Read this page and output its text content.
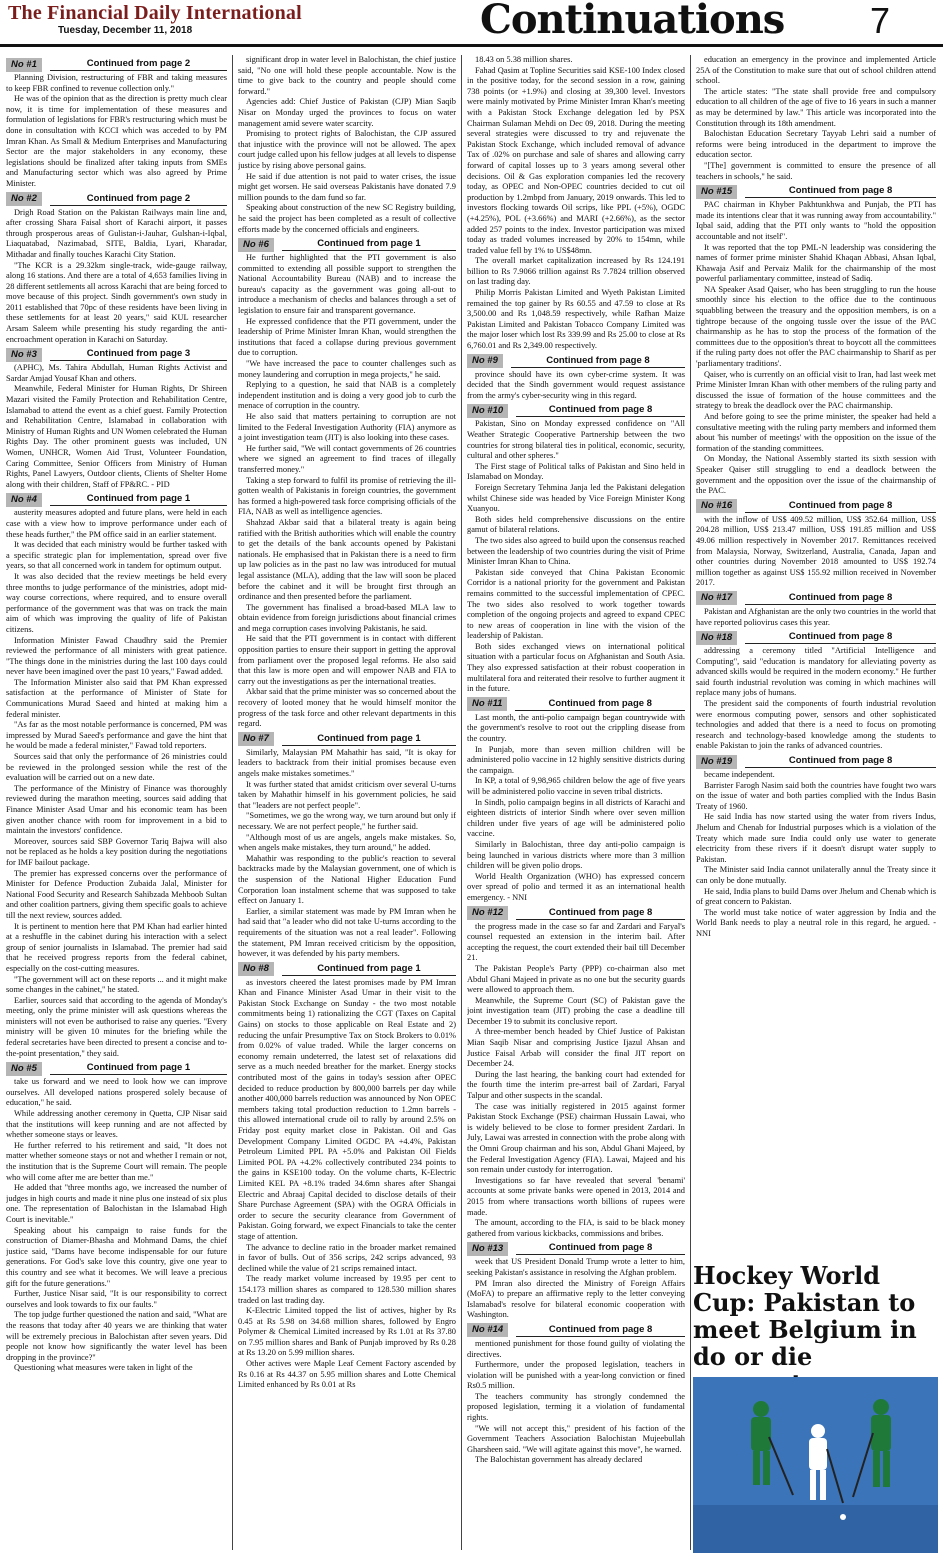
The Financial Daily International
Tuesday, December 11, 2018	Continuations 7
No #1	Continued from page 2

Planning Division, restructuring of FBR and taking measures to keep FBR confined to revenue collection only."

He was of the opinion that as the direction is pretty much clear now, it is time for implementation of these measures and formulation of legislations for FBR's restructuring which must be done in consultation with KCCI which was acceded to by PM Imran Khan. As Small & Medium Enterprises and Manufacturing Sector are the major stakeholders in any economy, these legislations should be finalized after taking inputs from SMEs and Manufacturing sector which was also agreed by Prime Minister.

No #2	Continued from page 2

Drigh Road Station on the Pakistan Railways main line and, after crossing Shara Faisal short of Karachi airport, it passes through prosperous areas of Gulistan-i-Jauhar, Gulshan-i-Iqbal, Liaquatabad, Nazimabad, SITE, Baldia, Lyari, Kharadar, Mithadar and finally touches Karachi City Station.

"The KCR is a 29.32km single-track, wide-gauge railway, along 16 stations. And there are a total of 4,653 families living in 28 different settlements all across Karachi that are being forced to move because of this project. Sindh government's own study in 2011 established that 70pc of these residents have been living in these settlements for at least 20 years," said KUL researcher Arsam Saleem while presenting his study regarding the anti-encroachment operation in Karachi on Saturday.

No #3	Continued from page 3

(APHC), Ms. Tahira Abdullah, Human Rights Activist and Sardar Amjad Yousaf Khan and others.

Meanwhile, Federal Minister for Human Rights, Dr Shireen Mazari visited the Family Protection and Rehabilitation Centre, Islamabad to attend the event as a chief guest. Family Protection and Rehabilitation Centre, Islamabad in collaboration with Ministry of Human Rights and UN Women celebrated the Human Rights Day. The other prominent guests was included, UN Women, UNHCR, Women Aid Trust, Volunteer Foundation, Caring Committee, Senior Officers from Ministry of Human Rights, Panel Lawyers, Outdoor clients, Clients of Shelter Home along with their children, Staff of FP&RC. - PID

No #4	Continued from page 1

austerity measures adopted and future plans, were held in each case with a view how to improve performance under each of these heads further," the PM office said in an earlier statement.

It was decided that each ministry would be further tasked with a specific strategic plan for implementation, spread over five years, so that all concerned work in tandem for optimum output.

It was also decided that the review meetings be held every three months to judge performance of the ministries, adopt mid-way course corrections, where required, and to ensure overall performance of the government was that was on track the main aim of which was improving the quality of life of Pakistan citizens.

Information Minister Fawad Chaudhry said the Premier reviewed the performance of all ministers with great patience. "The things done in the ministries during the last 100 days could never have been imagined over the past 10 years," Fawad added.

The Information Minister also said that PM Khan expressed satisfaction at the performance of Minister of State for Communications Murad Saeed and hinted at making him a federal minister.

"As far as the most notable performance is concerned, PM was impressed by Murad Saeed's performance and gave the hint that he would be made a federal minister," Fawad told reporters.

Sources said that only the performance of 26 ministries could be reviewed in the prolonged session while the rest of the evaluation will be carried out on a new date.

The performance of the Ministry of Finance was thoroughly reviewed during the marathon meeting, sources said adding that Finance Minister Asad Umar and his economic team has been given another chance with room for improvement in a bid to maintain the investors' confidence.

Moreover, sources said SBP Governor Tariq Bajwa will also not be replaced as he holds a key position during the negotiations for IMF bailout package.

The premier has expressed concerns over the performance of Minister for Defence Production Zubaida Jalal, Minister for National Food Security and Research Sahibzada Mehboob Sultan and other coalition partners, giving them specific goals to achieve till the next review, sources added.

It is pertinent to mention here that PM Khan had earlier hinted at a reshuffle in the cabinet during his interaction with a select group of senior journalists in Islamabad. The premier had said that he received progress reports from the federal cabinet, especially on the cost-cutting measures.

"The government will act on these reports ... and it might make some changes in the cabinet," he stated.

Earlier, sources said that according to the agenda of Monday's meeting, only the prime minister will ask questions whereas the ministers will not even be authorised to raise any queries. "Every ministry will be given 10 minutes for the briefing while the federal secretaries have been directed to present a concise and to-the-point presentation," they said.

No #5	Continued from page 1

take us forward and we need to look how we can improve ourselves. All developed nations prospered solely because of education," he said.

While addressing another ceremony in Quetta, CJP Nisar said that the institutions will keep running and are not affected by whether someone stays or leaves.

He further referred to his retirement and said, "It does not matter whether someone stays or not and whether I remain or not, the institution that is the Supreme Court will remain. The people who will come after me are better than me."

He added that "three months ago, we increased the number of judges in high courts and made it nine plus one instead of six plus one. The representation of Balochistan in the Islamabad High Court is inevitable."

Speaking about his campaign to raise funds for the construction of Diamer-Bhasha and Mohmand Dams, the chief justice said, "Dams have become indispensable for our future generations. For God's sake love this country, give one year to this country and see what it becomes. We will leave a precious gift for the future generations."

Further, Justice Nisar said, "It is our responsibility to correct ourselves and look towards to fix our faults."

The top judge further questioned the nation and said, "What are the reasons that today after 40 years we are thinking that water will be extremely precious in Balochistan after seven years. Did people not know how significantly the water level has been dropping in the province?"

Questioning what measures were taken in light of the

significant drop in water level in Balochistan, the chief justice said, "No one will hold these people accountable. Now is the time to give back to the country and people should come forward."

Agencies add: Chief Justice of Pakistan (CJP) Mian Saqib Nisar on Monday urged the provinces to focus on water management amid severe water scarcity.

Promising to protect rights of Balochistan, the CJP assured that injustice with the province will not be allowed. The apex court judge called upon his fellow judges at all levels to dispense justice by rising above personal gains.

He said if due attention is not paid to water crises, the issue might get worsen. He said overseas Pakistanis have donated 7.9 million pounds to the dam fund so far.

Speaking about construction of the new SC Registry building, he said the project has been completed as a result of collective efforts made by the concerned officials and engineers.

No #6	Continued from page 1

He further highlighted that the PTI government is also committed to extending all possible support to strengthen the National Accountability Bureau (NAB) and to increase the bureau's capacity as the government was going all-out to introduce a mechanism of checks and balances through a set of legislation to ensure fair and transparent governance.

He expressed confidence that the PTI government, under the leadership of Prime Minister Imran Khan, would strengthen the institutions that faced a collapse during previous government due to corruption.

"We have increased the pace to counter challenges such as money laundering and corruption in mega projects," he said.

Replying to a question, he said that NAB is a completely independent institution and is doing a very good job to curb the menace of corruption in the country.

He also said that matters pertaining to corruption are not limited to the Federal Investigation Authority (FIA) anymore as a joint investigation team (JIT) is also looking into these cases.

He further said, "We will contact governments of 26 countries where we signed an agreement to find traces of illegally transferred money."

Taking a step forward to fulfil its promise of retrieving the ill-gotten wealth of Pakistanis in foreign countries, the government has formed a high-powered task force comprising officials of the FIA, NAB as well as intelligence agencies.

Shahzad Akbar said that a bilateral treaty is again being ratified with the British authorities which will enable the country to get the details of the bank accounts opened by Pakistani nationals. He emphasised that in Pakistan there is a need to firm up law policies as in the past no law was introduced for mutual legal assistance (MLA), adding that the law will soon be placed before the cabinet and it will be brought first through an ordinance and then presented before the parliament.

The government has finalised a broad-based MLA law to obtain evidence from foreign jurisdictions about financial crimes and mega corruption cases involving Pakistanis, he said.

He said that the PTI government is in contact with different opposition parties to ensure their support in getting the approval from parliament over the proposed legal reforms. He also said that this law is more open and will empower NAB and FIA to carry out the investigations as per the international treaties.

Akbar said that the prime minister was so concerned about the recovery of looted money that he would himself monitor the progress of the task force and other relevant departments in this regard.

No #7	Continued from page 1

Similarly, Malaysian PM Mahathir has said, "It is okay for leaders to backtrack from their initial promises because even angels make mistakes sometimes."

It was further stated that amidst criticism over several U-turns taken by Mahathir himself in his government policies, he said that "leaders are not perfect people".

"Sometimes, we go the wrong way, we turn around but only if necessary. We are not perfect people," he further said.

"Although most of us are angels, angels make mistakes. So, when angels make mistakes, they turn around," he added.

Mahathir was responding to the public's reaction to several backtracks made by the Malaysian government, one of which is the suspension of the National Higher Education Fund Corporation loan instalment scheme that was supposed to take effect on January 1.

Earlier, a similar statement was made by PM Imran when he had said that "a leader who did not take U-turns according to the requirements of the situation was not a real leader". Following the statement, PM Imran received criticism by the opposition, however, it was defended by his party members.

No #8	Continued from page 1

as investors cheered the latest promises made by PM Imran Khan and Finance Minister Asad Umar in their visit to the Pakistan Stock Exchange on Sunday - the two most notable commitments being 1) rationalizing the CGT (Taxes on Capital Gains) on stocks to those applicable on Real Estate and 2) reducing the unfair Presumptive Tax on Stock Brokers to 0.01% from 0.02% of value traded. While the larger concerns on economy remain undeterred, the latest set of relaxations did serve as a much needed breather for the market. Energy stocks contributed most of the gains in today's session after OPEC decided to reduce production by 800,000 barrels per day while another 400,000 barrels reduction was announced by Non OPEC members taking total production reduction to 1.2mn barrels - this allowed international crude oil to rally by around 2.5% on Friday post equity market close in Pakistan. Oil and Gas Development Company Limited OGDC PA +4.4%, Pakistan Petroleum Limited PPL PA +5.0% and Pakistan Oil Fields Limited POL PA +4.2% collectively contributed 234 points to the gains in KSE100 today. On the volume charts, K-Electric Limited KEL PA +8.1% traded 34.6mn shares after Shangai Electric and Abraaj Capital decided to disclose details of their Share Purchase Agreement (SPA) with the OGRA Officials in order to secure the security clearance from Government of Pakistan. Going forward, we expect Financials to take the center stage of attention.

The advance to decline ratio in the broader market remained in favor of bulls. Out of 356 scrips, 242 scrips advanced, 93 declined while the value of 21 scrips remained intact.

The ready market volume increased by 19.95 per cent to 154.173 million shares as compared to 128.530 million shares traded on last trading day.

K-Electric Limited topped the list of actives, higher by Rs 0.45 at Rs 5.98 on 34.68 million shares, followed by Engro Polymer & Chemical Limited increased by Rs 1.01 at Rs 37.80 on 7.95 million shares and Bank of Punjab improved by Rs 0.28 at Rs 13.20 on 5.99 million shares.

Other actives were Maple Leaf Cement Factory ascended by Rs 0.16 at Rs 44.37 on 5.95 million shares and Lotte Chemical Limited enhanced by Rs 0.01 at Rs

18.43 on 5.38 million shares.

Fahad Qasim at Topline Securities said KSE-100 Index closed in the positive today, for the second session in a row, gaining 738 points (or +1.9%) and closing at 39,300 level. Investors were mainly motivated by Prime Minister Imran Khan's meeting with a Pakistan Stock Exchange delegation led by PSX Chairman Sulaman Mehdi on Dec 09, 2018. During the meeting several strategies were discussed to try and rejuvenate the Pakistan Stock Exchange, which included removal of advance Tax of .02% on purchase and sale of shares and allowing carry forward of capital losses up to 3 years among several other decisions. Oil & Gas exploration companies led the recovery today, as OPEC and Non-OPEC countries decided to cut oil production by 1.2mbpd from January, 2019 onwards. This led to investors flocking towards Oil scrips, like PPL (+5%), OGDC (+4.25%), POL (+3.66%) and MARI (+2.66%), as the sector added 257 points to the index. Investor participation was mixed today as traded volumes increased by 20% to 154mn, while traded value fell by 1% to US$48mn.

The overall market capitalization increased by Rs 124.191 billion to Rs 7.9066 trillion against Rs 7.7824 trillion observed on last trading day.

Philip Morris Pakistan Limited and Wyeth Pakistan Limited remained the top gainer by Rs 60.55 and 47.59 to close at Rs 3,500.00 and Rs 1,048.59 respectively, while Rafhan Maize Pakistan Limited and Pakistan Tobacco Company Limited was the major loser which lost Rs 339.99 and Rs 25.00 to close at Rs 6,760.01 and Rs 2,349.00 respectively.

No #9	Continued from page 8

province should have its own cyber-crime system. It was decided that the Sindh government would request assistance from the army's cyber-security wing in this regard.

No #10	Continued from page 8

Pakistan, Sino on Monday expressed confidence on "All Weather Strategic Cooperative Partnership between the two countries for strong bilateral ties in political, economic, security, cultural and other spheres."

The First stage of Political talks of Pakistan and Sino held in Islamabad on Monday.

Foreign Secretary Tehmina Janja led the Pakistani delegation whilst Chinese side was headed by Vice Foreign Minister Kong Xuanyou.

Both sides held comprehensive discussions on the entire gamut of bilateral relations.

The two sides also agreed to build upon the consensus reached between the leadership of two countries during the visit of Prime Minister Imran Khan to China.

Pakistan side conveyed that China Pakistan Economic Corridor is a national priority for the government and Pakistan remains committed to the successful implementation of CPEC. The two sides also resolved to work together towards completion of the ongoing projects and agreed to expand CPEC to new areas of cooperation in line with the vision of the leadership of Pakistan.

Both sides exchanged views on international political situation with a particular focus on Afghanistan and South Asia. They also expressed satisfaction at their robust cooperation in multilateral fora and reiterated their resolve to further augment it in the future.

No #11	Continued from page 8

Last month, the anti-polio campaign began countrywide with the government's resolve to root out the crippling disease from the country.

In Punjab, more than seven million children will be administered polio vaccine in 12 highly sensitive districts during the campaign.

In KP, a total of 9,98,965 children below the age of five years will be administered polio vaccine in seven tribal districts.

In Sindh, polio campaign begins in all districts of Karachi and eighteen districts of interior Sindh where over seven million children under five years of age will be administered polio vaccine.

Similarly in Balochistan, three day anti-polio campaign is being launched in various districts where more than 3 million children will be given polio drops.

World Health Organization (WHO) has expressed concern over spread of polio and termed it as an international health emergency. - NNI

No #12	Continued from page 8

the progress made in the case so far and Zardari and Faryal's counsel requested an extension in the interim bail. After accepting the request, the court extended their bail till December 21.

The Pakistan People's Party (PPP) co-chairman also met Abdul Ghani Majeed in private as no one but the security guards were allowed to approach them.

Meanwhile, the Supreme Court (SC) of Pakistan gave the joint investigation team (JIT) probing the case a deadline till December 19 to submit its conclusive report.

A three-member bench headed by Chief Justice of Pakistan Mian Saqib Nisar and comprising Justice Ijazul Ahsan and Justice Faisal Arbab will consider the final JIT report on December 24.

During the last hearing, the banking court had extended for the fourth time the interim pre-arrest bail of Zardari, Faryal Talpur and other suspects in the scandal.

The case was initially registered in 2015 against former Pakistan Stock Exchange (PSE) chairman Hussain Lawai, who is widely believed to be close to former president Zardari. In July, Lawai was arrested in connection with the probe along with the Omni Group chairman and his son, Abdul Ghani Majeed, by the Federal Investigation Agency (FIA). Lawai, Majeed and his son remain under custody for interrogation.

Investigations so far have revealed that several 'benami' accounts at some private banks were opened in 2013, 2014 and 2015 from where transactions worth billions of rupees were made.

The amount, according to the FIA, is said to be black money gathered from various kickbacks, commissions and bribes.

No #13	Continued from page 8

week that US President Donald Trump wrote a letter to him, seeking Pakistan's assistance in resolving the Afghan problem.

PM Imran also directed the Ministry of Foreign Affairs (MoFA) to prepare an affirmative reply to the letter conveying Islamabad's resolve for bilateral economic cooperation with Washington.

No #14	Continued from page 8

mentioned punishment for those found guilty of violating the directives.

Furthermore, under the proposed legislation, teachers in violation will be punished with a year-long conviction or fined Rs0.5 million.

The teachers community has strongly condemned the proposed legislation, terming it a violation of fundamental rights.

"We will not accept this," president of his faction of the Government Teachers Association Balochistan Mujeebullah Gharsheen said. "We will agitate against this move", he warned.

The Balochistan government has already declared

education an emergency in the province and implemented Article 25A of the Constitution to make sure that out of school children attend school.

The article states: "The state shall provide free and compulsory education to all children of the age of five to 16 years in such a manner as may be determined by law." This article was incorporated into the Constitution through its 18th amendment.

Balochistan Education Secretary Tayyab Lehri said a number of reforms were being introduced in the department to improve the education sector.

"[The] government is committed to ensure the presence of all teachers in schools," he said.

No #15	Continued from page 8

PAC chairman in Khyber Pakhtunkhwa and Punjab, the PTI has made its intentions clear that it was running away from accountability." Iqbal said, adding that the PTI only wants to "hold the opposition accountable and not itself".

It was reported that the top PML-N leadership was considering the names of former prime minister Shahid Khaqan Abbasi, Ahsan Iqbal, Khawaja Asif and Pervaiz Malik for the chairmanship of the most powerful parliamentary committee, instead of Sadiq.

NA Speaker Asad Qaiser, who has been struggling to run the house smoothly since his election to the office due to the continuous squabbling between the treasury and the opposition members, is on a tightrope because of the ongoing tussle over the issue of the PAC chairmanship as he has to stop the process of the formation of the committees due to the opposition's threat to boycott all the committees if the ruling party does not offer the PAC chairmanship to Sharif as per 'parliamentary traditions'.

Qaiser, who is currently on an official visit to Iran, had last week met Prime Minister Imran Khan with other members of the ruling party and discussed the issue of formation of the house committees and the strategy to break the deadlock over the PAC chairmanship.

And before going to see the prime minister, the speaker had held a consultative meeting with the ruling party members and informed them about 'his number of meetings' with the opposition on the issue of the formation of the standing committees.

On Monday, the National Assembly started its sixth session with Speaker Qaiser still struggling to end a deadlock between the government and the opposition over the issue of the chairmanship of the PAC.

No #16	Continued from page 8

with the inflow of US$ 409.52 million, US$ 352.64 million, US$ 204.28 million, US$ 213.47 million, US$ 191.85 million and US$ 49.06 million respectively in November 2017. Remittances received from Malaysia, Norway, Switzerland, Australia, Canada, Japan and other countries during November 2018 amounted to US$ 192.74 million together as against US$ 155.92 million received in November 2017.

No #17	Continued from page 8

Pakistan and Afghanistan are the only two countries in the world that have reported poliovirus cases this year.

No #18	Continued from page 8

addressing a ceremony titled "Artificial Intelligence and Computing", said "education is mandatory for alleviating poverty as advanced skills would be required in the modern economy." He further said fourth industrial revolution was coming in which machines will replace many jobs of humans.

The president said the components of fourth industrial revolution were enormous computing power, sensors and other sophisticated technologies and added that there is a need to focus on promoting research and technology-based knowledge among the students to enable Pakistan to join the ranks of advanced countries.

No #19	Continued from page 8

became independent.

Barrister Farogh Nasim said both the countries have fought two wars on the issue of water and both parties complied with the Indus Basin Treaty of 1960.

He said India has now started using the water from rivers Indus, Jhelum and Chenab for Industrial purposes which is a violation of the Treaty which made sure India could only use water to generate electricity from these rivers if it doesn't disrupt water supply to Pakistan.

The Minister said India cannot unilaterally annul the Treaty since it can only be done mutually.

He said, India plans to build Dams over Jhelum and Chenab which is of great concern to Pakistan.

The world must take notice of water aggression by India and the World Bank needs to play a neutral role in this regard, he argued. - NNI

Hockey World Cup: Pakistan to meet Belgium in do or die
